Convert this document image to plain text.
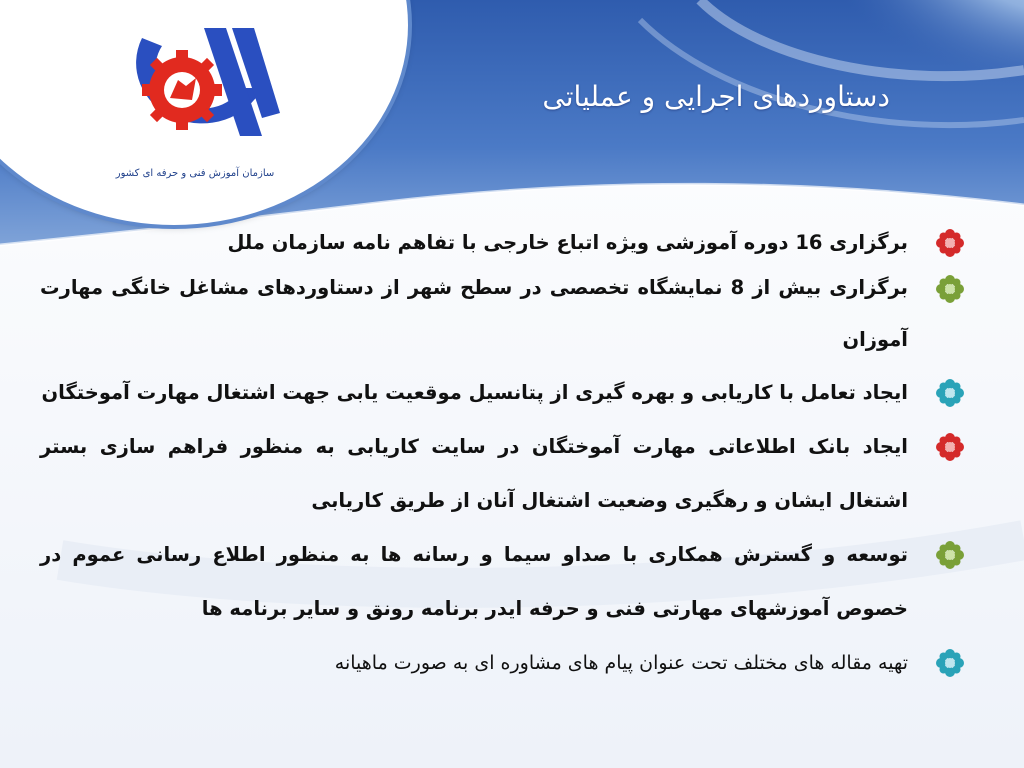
سازمان آموزش فنی و حرفه ای کشور
دستاوردهای اجرایی و عملیاتی
برگزاری 16 دوره آموزشی ویژه اتباع خارجی با تفاهم نامه سازمان ملل
برگزاری بیش از 8 نمایشگاه تخصصی در سطح شهر از دستاوردهای مشاغل خانگی مهارت آموزان
ایجاد تعامل با کاریابی و بهره گیری از پتانسیل موقعیت یابی جهت اشتغال مهارت آموختگان
ایجاد بانک اطلاعاتی مهارت آموختگان در سایت کاریابی به منظور فراهم سازی بستر اشتغال ایشان و رهگیری وضعیت اشتغال آنان از طریق کاریابی
توسعه و گسترش همکاری با صداو سیما و رسانه ها به منظور اطلاع رسانی عموم در خصوص آموزشهای مهارتی فنی و حرفه ایدر برنامه رونق و سایر برنامه ها
تهیه مقاله های مختلف تحت عنوان پیام های مشاوره ای به صورت ماهیانه
